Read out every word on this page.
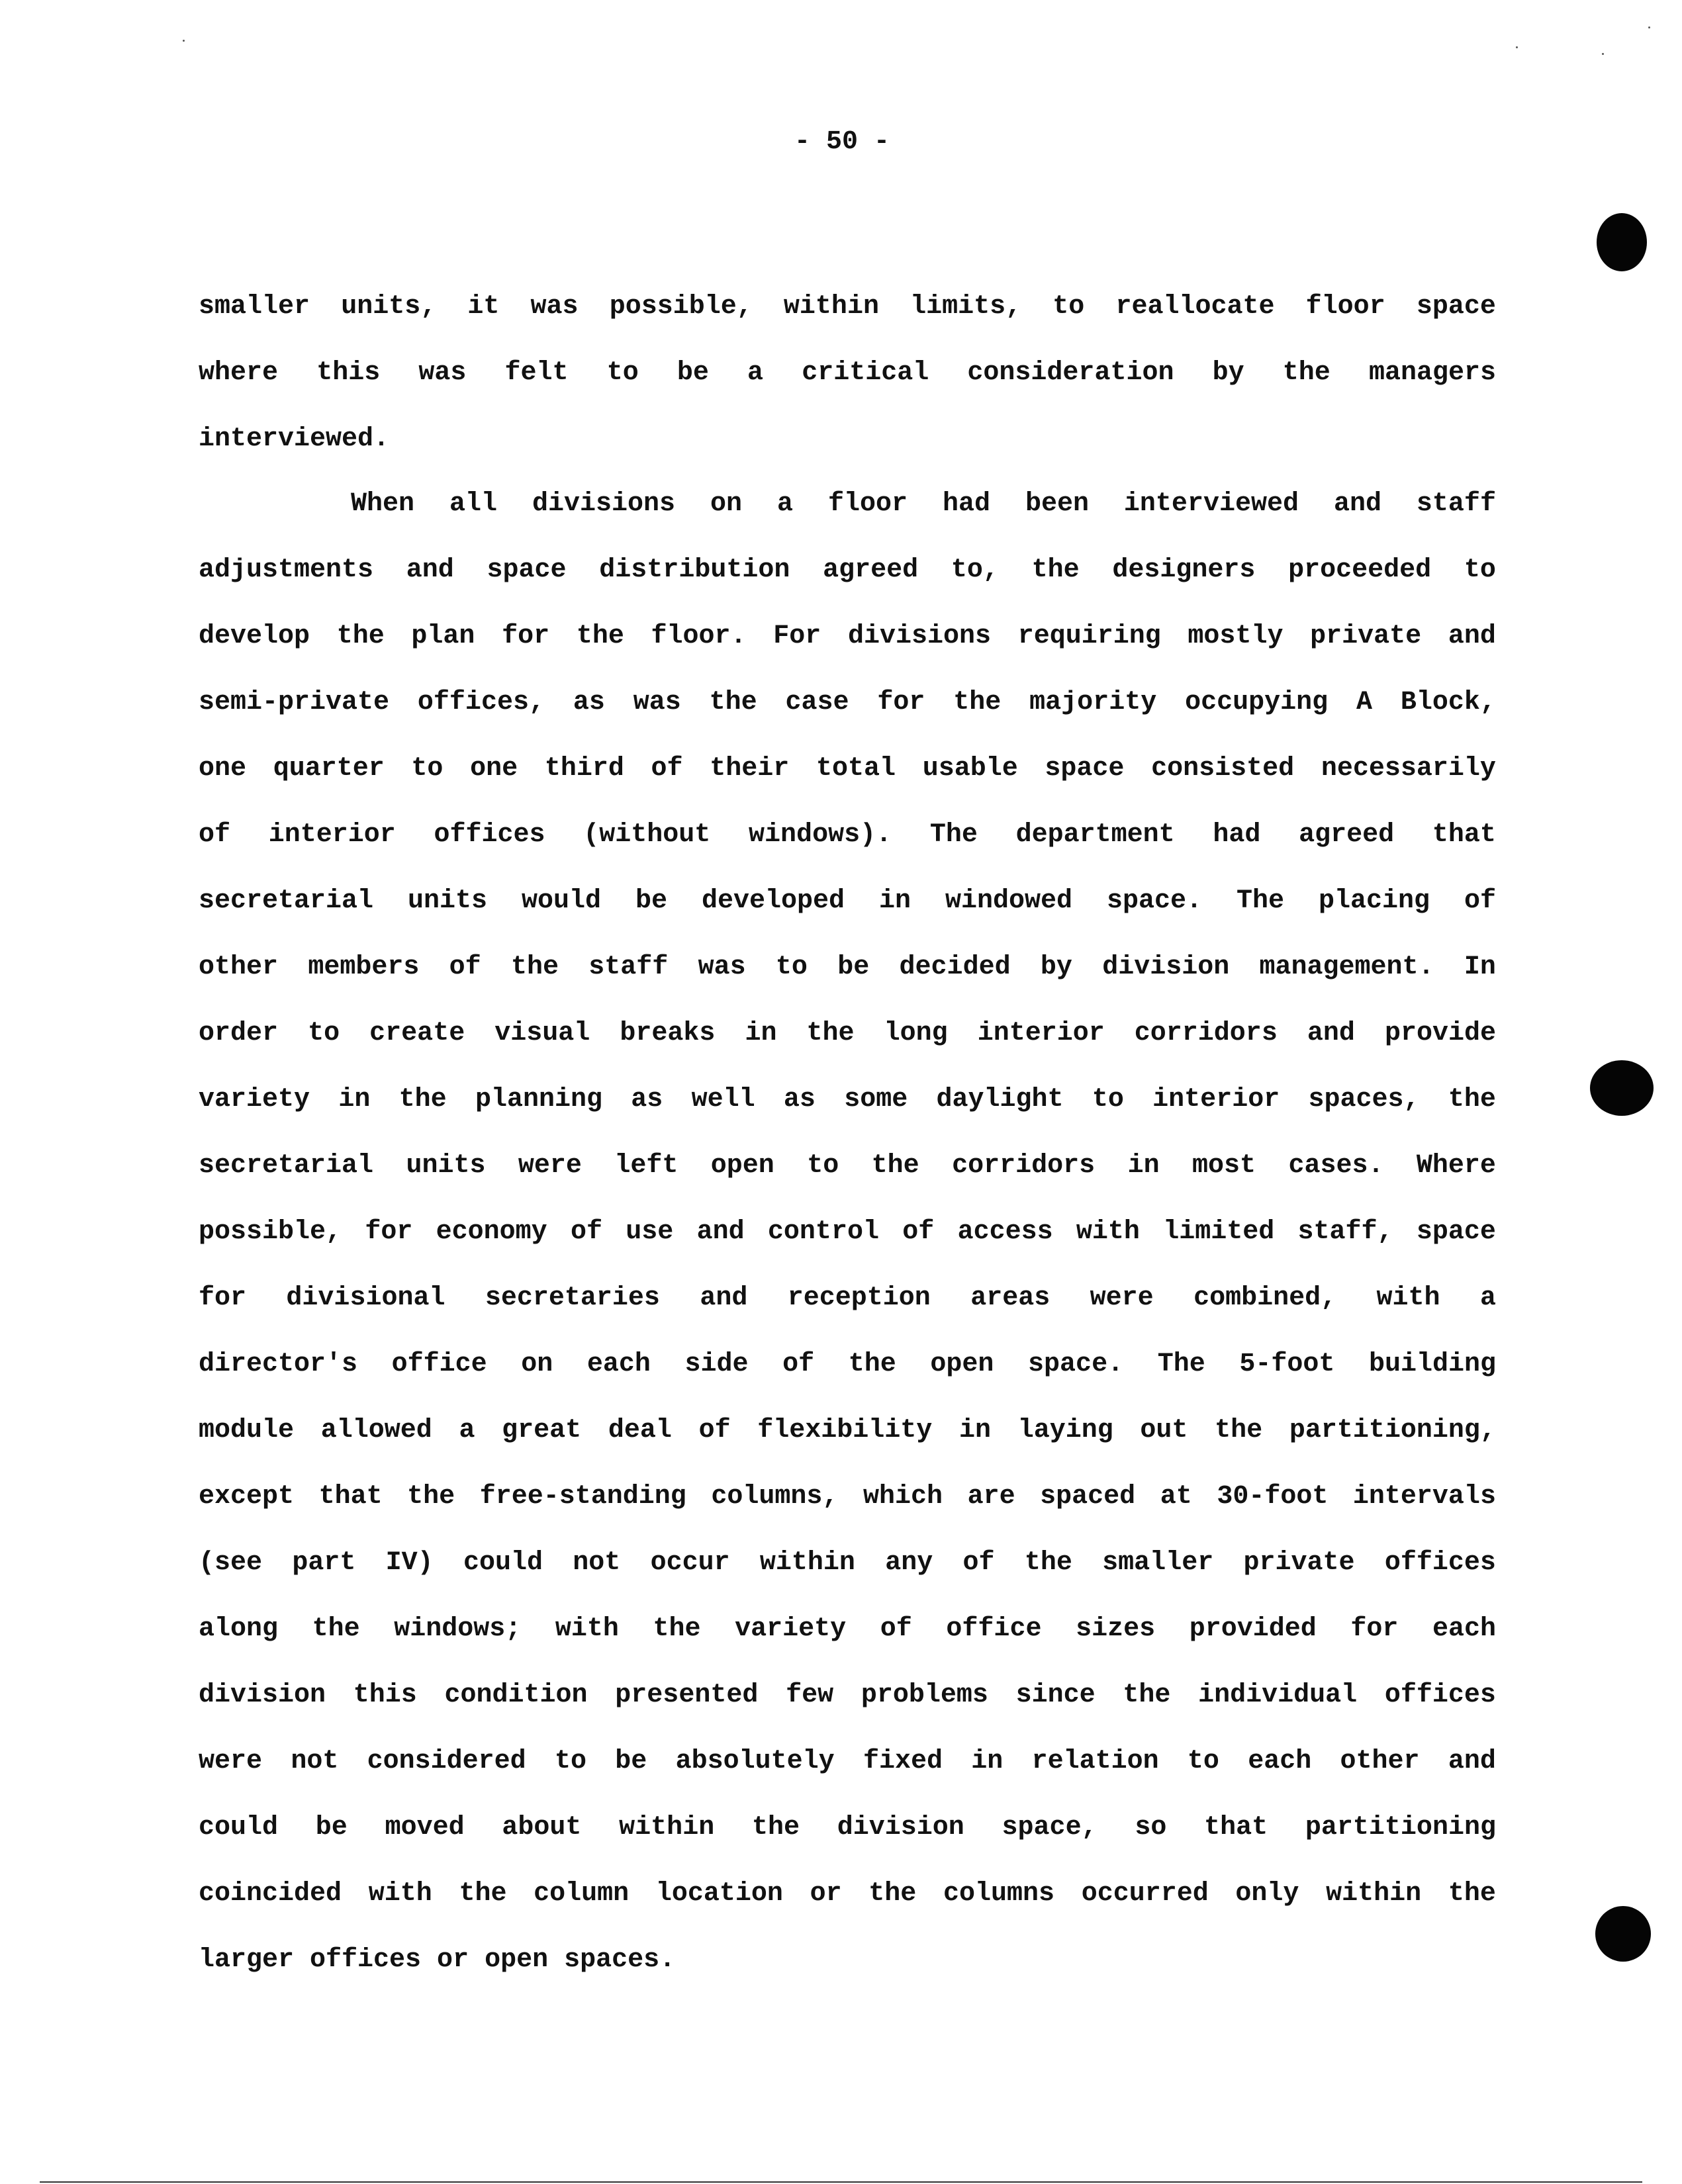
- 50 -
smaller units, it was possible, within limits, to reallocate floor space
where this was felt to be a critical consideration by the managers
interviewed.
When all divisions on a floor had been interviewed and staff
adjustments and space distribution agreed to, the designers proceeded to
develop the plan for the floor. For divisions requiring mostly private and
semi-private offices, as was the case for the majority occupying A Block,
one quarter to one third of their total usable space consisted necessarily
of interior offices (without windows). The department had agreed that
secretarial units would be developed in windowed space. The placing of
other members of the staff was to be decided by division management. In
order to create visual breaks in the long interior corridors and provide
variety in the planning as well as some daylight to interior spaces, the
secretarial units were left open to the corridors in most cases. Where
possible, for economy of use and control of access with limited staff, space
for divisional secretaries and reception areas were combined, with a
director's office on each side of the open space. The 5-foot building
module allowed a great deal of flexibility in laying out the partitioning,
except that the free-standing columns, which are spaced at 30-foot intervals
(see part IV) could not occur within any of the smaller private offices
along the windows; with the variety of office sizes provided for each
division this condition presented few problems since the individual offices
were not considered to be absolutely fixed in relation to each other and
could be moved about within the division space, so that partitioning
coincided with the column location or the columns occurred only within the
larger offices or open spaces.
